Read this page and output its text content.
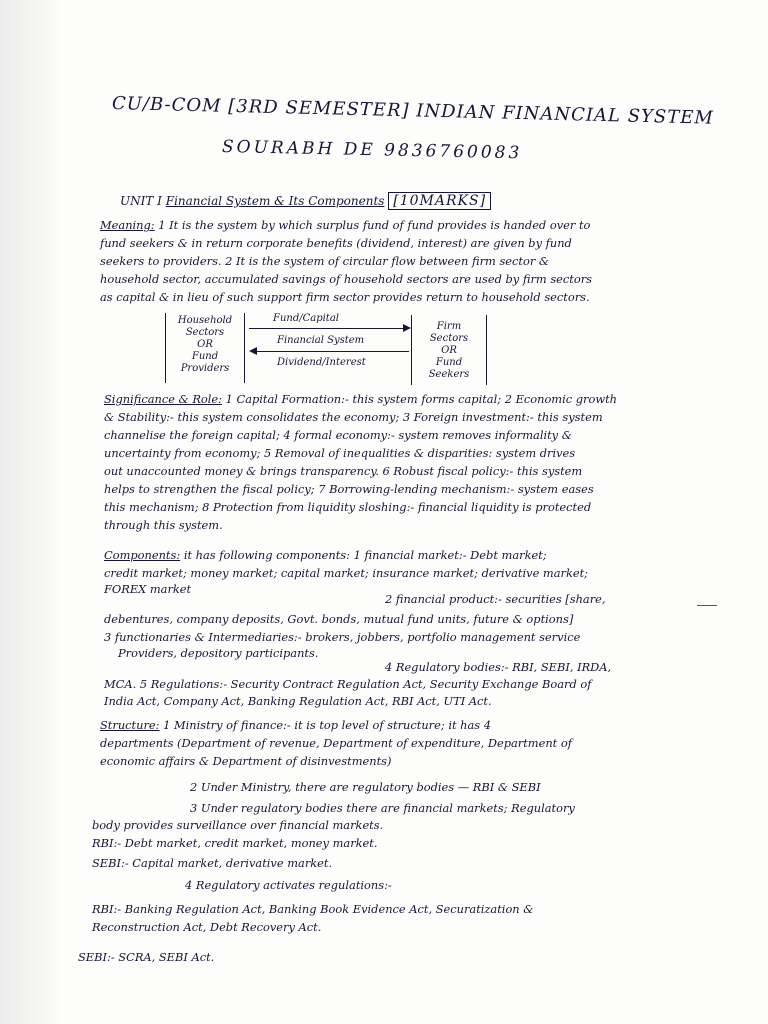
CU/B-COM [3RD SEMESTER] INDIAN FINANCIAL SYSTEM
SOURABH DE 9836760083
UNIT I Financial System & Its Components [10MARKS]
Meaning: 1 It is the system by which surplus fund of fund provides is handed over to
fund seekers & in return corporate benefits (dividend, interest) are given by fund
seekers to providers. 2 It is the system of circular flow between firm sector &
household sector, accumulated savings of household sectors are used by firm sectors
as capital & in lieu of such support firm sector provides return to household sectors.
Household
Sectors
OR
Fund
Providers
Firm
Sectors
OR
Fund
Seekers
Fund/Capital
Financial System
Dividend/Interest
Significance & Role: 1 Capital Formation:- this system forms capital; 2 Economic growth
& Stability:- this system consolidates the economy; 3 Foreign investment:- this system
channelise the foreign capital; 4 formal economy:- system removes informality &
uncertainty from economy; 5 Removal of inequalities & disparities: system drives
out unaccounted money & brings transparency. 6 Robust fiscal policy:- this system
helps to strengthen the fiscal policy; 7 Borrowing-lending mechanism:- system eases
this mechanism; 8 Protection from liquidity sloshing:- financial liquidity is protected
through this system.
Components: it has following components: 1 financial market:- Debt market;
credit market; money market; capital market; insurance market; derivative market;
FOREX market
2 financial product:- securities [share,
debentures, company deposits, Govt. bonds, mutual fund units, future & options]
3 functionaries & Intermediaries:- brokers, jobbers, portfolio management service
Providers, depository participants.
4 Regulatory bodies:- RBI, SEBI, IRDA,
MCA. 5 Regulations:- Security Contract Regulation Act, Security Exchange Board of
India Act, Company Act, Banking Regulation Act, RBI Act, UTI Act.
Structure: 1 Ministry of finance:- it is top level of structure; it has 4
departments (Department of revenue, Department of expenditure, Department of
economic affairs & Department of disinvestments)
2 Under Ministry, there are regulatory bodies — RBI & SEBI
3 Under regulatory bodies there are financial markets; Regulatory
body provides surveillance over financial markets.
RBI:- Debt market, credit market, money market.
SEBI:- Capital market, derivative market.
4 Regulatory activates regulations:-
RBI:- Banking Regulation Act, Banking Book Evidence Act, Securatization &
Reconstruction Act, Debt Recovery Act.
SEBI:- SCRA, SEBI Act.
